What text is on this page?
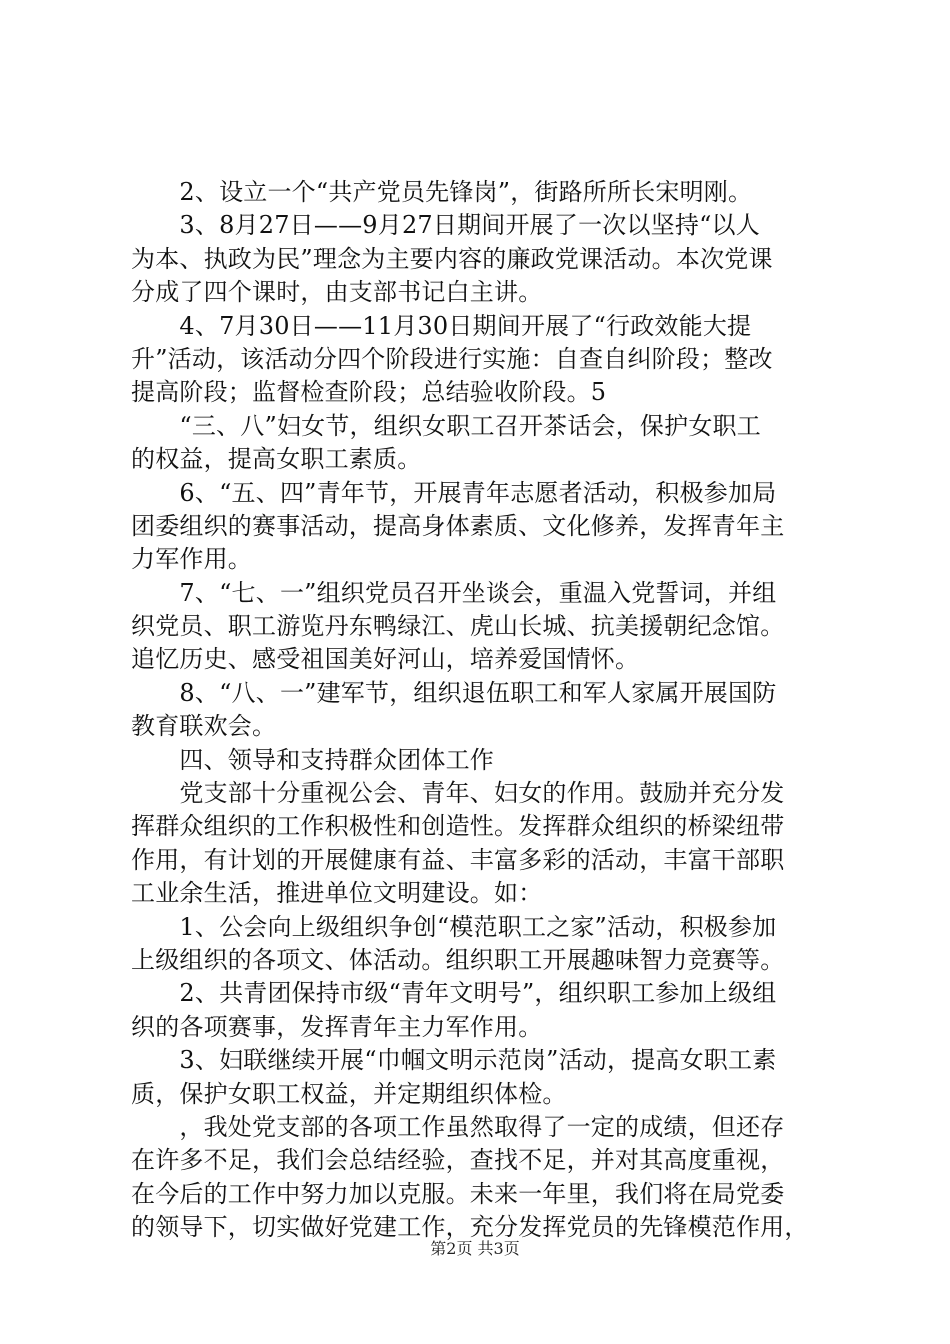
　　2、设立一个“共产党员先锋岗”，街路所所长宋明刚。
　　3、8月27日——9月27日期间开展了一次以坚持“以人
为本、执政为民”理念为主要内容的廉政党课活动。本次党课
分成了四个课时，由支部书记白主讲。
　　4、7月30日——11月30日期间开展了“行政效能大提
升”活动，该活动分四个阶段进行实施：自查自纠阶段；整改
提高阶段；监督检查阶段；总结验收阶段。5
　　“三、八”妇女节，组织女职工召开茶话会，保护女职工
的权益，提高女职工素质。
　　6、“五、四”青年节，开展青年志愿者活动，积极参加局
团委组织的赛事活动，提高身体素质、文化修养，发挥青年主
力军作用。
　　7、“七、一”组织党员召开坐谈会，重温入党誓词，并组
织党员、职工游览丹东鸭绿江、虎山长城、抗美援朝纪念馆。
追忆历史、感受祖国美好河山，培养爱国情怀。
　　8、“八、一”建军节，组织退伍职工和军人家属开展国防
教育联欢会。
　　四、领导和支持群众团体工作
　　党支部十分重视公会、青年、妇女的作用。鼓励并充分发
挥群众组织的工作积极性和创造性。发挥群众组织的桥梁纽带
作用，有计划的开展健康有益、丰富多彩的活动，丰富干部职
工业余生活，推进单位文明建设。如：
　　1、公会向上级组织争创“模范职工之家”活动，积极参加
上级组织的各项文、体活动。组织职工开展趣味智力竞赛等。
　　2、共青团保持市级“青年文明号”，组织职工参加上级组
织的各项赛事，发挥青年主力军作用。
　　3、妇联继续开展“巾帼文明示范岗”活动，提高女职工素
质，保护女职工权益，并定期组织体检。
　　，我处党支部的各项工作虽然取得了一定的成绩，但还存
在许多不足，我们会总结经验，查找不足，并对其高度重视，
在今后的工作中努力加以克服。未来一年里，我们将在局党委
的领导下，切实做好党建工作，充分发挥党员的先锋模范作用，
第2页 共3页
